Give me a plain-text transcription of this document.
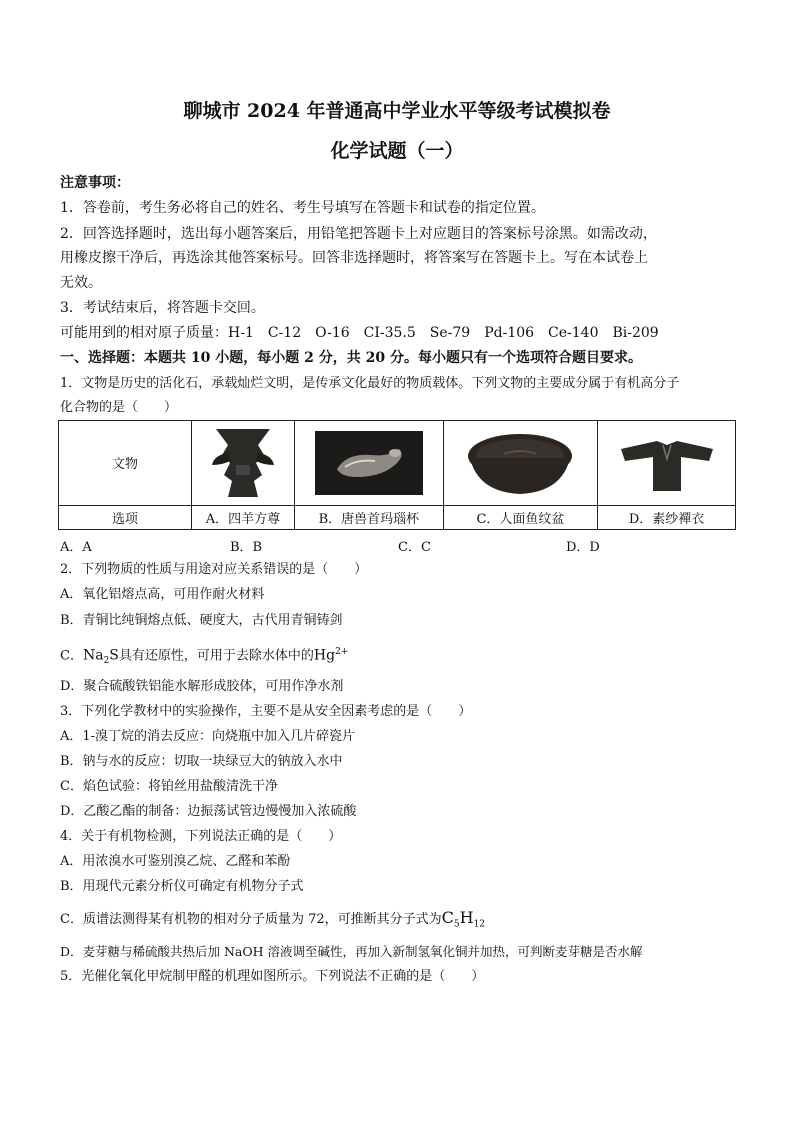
聊城市 2024 年普通高中学业水平等级考试模拟卷
化学试题（一）
注意事项：
1．答卷前，考生务必将自己的姓名、考生号填写在答题卡和试卷的指定位置。
2．回答选择题时，选出每小题答案后，用铅笔把答题卡上对应题目的答案标号涂黑。如需改动，
用橡皮擦干净后，再选涂其他答案标号。回答非选择题时，将答案写在答题卡上。写在本试卷上
无效。
3．考试结束后，将答题卡交回。
可能用到的相对原子质量：H-1　C-12　O-16　CI-35.5　Se-79　Pd-106　Ce-140　Bi-209
一、选择题：本题共 10 小题，每小题 2 分，共 20 分。每小题只有一个选项符合题目要求。
1．文物是历史的活化石，承载灿烂文明，是传承文化最好的物质载体。下列文物的主要成分属于有机高分子
化合物的是（　　）
文物	

选项	A．四羊方尊	B．唐兽首玛瑙杯	C．人面鱼纹盆	D．素纱襌衣
A．A	B．B	C．C	D．D
2．下列物质的性质与用途对应关系错误的是（　　）
A．氧化铝熔点高，可用作耐火材料
B．青铜比纯铜熔点低、硬度大，古代用青铜铸剑
C．$Na_2S$具有还原性，可用于去除水体中的$Hg^{2+}$
D．聚合硫酸铁铝能水解形成胶体，可用作净水剂
3．下列化学教材中的实验操作，主要不是从安全因素考虑的是（　　）
A．1-溴丁烷的消去反应：向烧瓶中加入几片碎瓷片
B．钠与水的反应：切取一块绿豆大的钠放入水中
C．焰色试验：将铂丝用盐酸清洗干净
D．乙酸乙酯的制备：边振荡试管边慢慢加入浓硫酸
4．关于有机物检测，下列说法正确的是（　　）
A．用浓溴水可鉴别溴乙烷、乙醛和苯酚
B．用现代元素分析仪可确定有机物分子式
C．质谱法测得某有机物的相对分子质量为 72，可推断其分子式为$C_5H_{12}$
D．麦芽糖与稀硫酸共热后加 NaOH 溶液调至碱性，再加入新制氢氧化铜并加热，可判断麦芽糖是否水解
5．光催化氧化甲烷制甲醛的机理如图所示。下列说法不正确的是（　　）
